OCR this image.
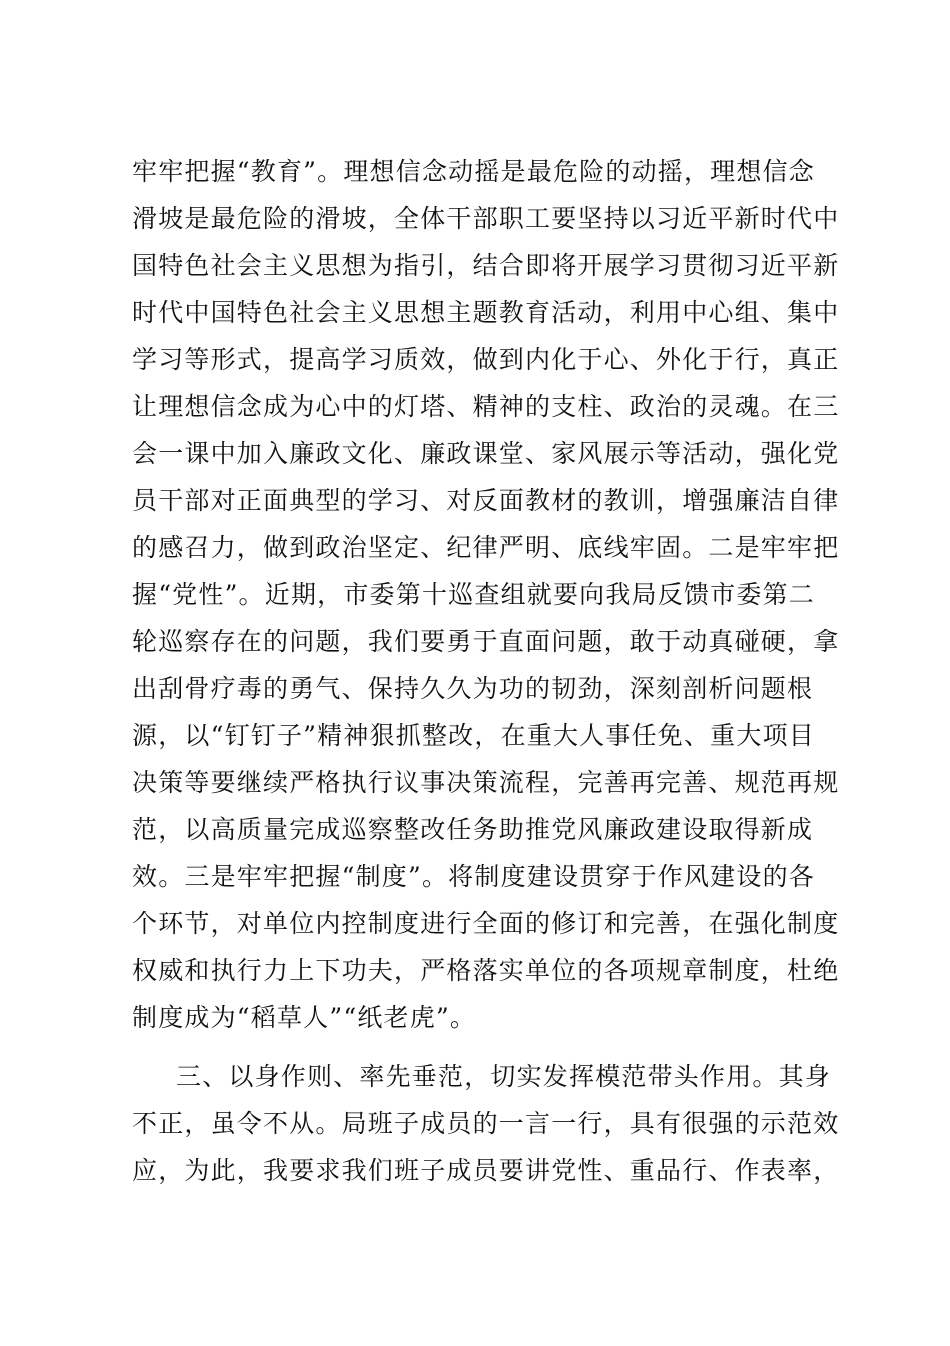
牢牢把握“教育”。理想信念动摇是最危险的动摇，理想信念
滑坡是最危险的滑坡，全体干部职工要坚持以习近平新时代中
国特色社会主义思想为指引，结合即将开展学习贯彻习近平新
时代中国特色社会主义思想主题教育活动，利用中心组、集中
学习等形式，提高学习质效，做到内化于心、外化于行，真正
让理想信念成为心中的灯塔、精神的支柱、政治的灵魂。在三
会一课中加入廉政文化、廉政课堂、家风展示等活动，强化党
员干部对正面典型的学习、对反面教材的教训，增强廉洁自律
的感召力，做到政治坚定、纪律严明、底线牢固。二是牢牢把
握“党性”。近期，市委第十巡查组就要向我局反馈市委第二
轮巡察存在的问题，我们要勇于直面问题，敢于动真碰硬，拿
出刮骨疗毒的勇气、保持久久为功的韧劲，深刻剖析问题根
源，以“钉钉子”精神狠抓整改，在重大人事任免、重大项目
决策等要继续严格执行议事决策流程，完善再完善、规范再规
范，以高质量完成巡察整改任务助推党风廉政建设取得新成
效。三是牢牢把握“制度”。将制度建设贯穿于作风建设的各
个环节，对单位内控制度进行全面的修订和完善，在强化制度
权威和执行力上下功夫，严格落实单位的各项规章制度，杜绝
制度成为“稻草人”“纸老虎”。
三、以身作则、率先垂范，切实发挥模范带头作用。其身
不正，虽令不从。局班子成员的一言一行，具有很强的示范效
应，为此，我要求我们班子成员要讲党性、重品行、作表率，
